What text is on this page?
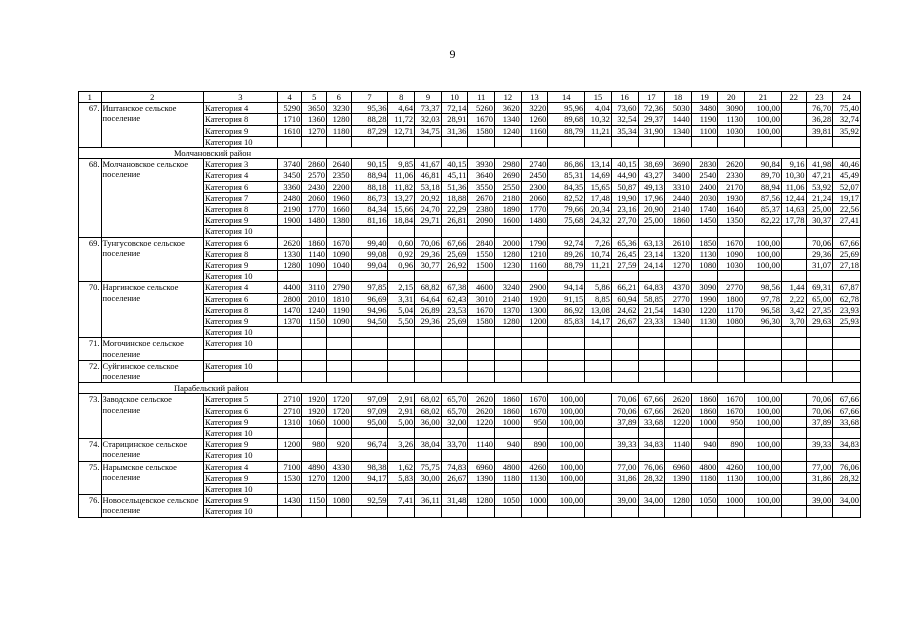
9
1	2	3	4	5	6	7	8	9	10	11	12	13	14	15	16	17	18	19	20	21	22	23	24
67.	Иштанское сельское поселение	Категория 4	5290	3650	3230	95,36	4,64	73,37	72,14	5260	3620	3220	95,96	4,04	73,60	72,36	5030	3480	3090	100,00		76,70	75,40
		Категория 8	1710	1360	1280	88,28	11,72	32,03	28,91	1670	1340	1260	89,68	10,32	32,54	29,37	1440	1190	1130	100,00		36,28	32,74
		Категория 9	1610	1270	1180	87,29	12,71	34,75	31,36	1580	1240	1160	88,79	11,21	35,34	31,90	1340	1100	1030	100,00		39,81	35,92
		Категория 10																					
Молчановский район																							
68.	Молчановское сельское поселение	Категория 3	3740	2860	2640	90,15	9,85	41,67	40,15	3930	2980	2740	86,86	13,14	40,15	38,69	3690	2830	2620	90,84	9,16	41,98	40,46
		Категория 4	3450	2570	2350	88,94	11,06	46,81	45,11	3640	2690	2450	85,31	14,69	44,90	43,27	3400	2540	2330	89,70	10,30	47,21	45,49
		Категория 6	3360	2430	2200	88,18	11,82	53,18	51,36	3550	2550	2300	84,35	15,65	50,87	49,13	3310	2400	2170	88,94	11,06	53,92	52,07
		Категория 7	2480	2060	1960	86,73	13,27	20,92	18,88	2670	2180	2060	82,52	17,48	19,90	17,96	2440	2030	1930	87,56	12,44	21,24	19,17
		Категория 8	2190	1770	1660	84,34	15,66	24,70	22,29	2380	1890	1770	79,66	20,34	23,16	20,90	2140	1740	1640	85,37	14,63	25,00	22,56
		Категория 9	1900	1480	1380	81,16	18,84	29,71	26,81	2090	1600	1480	75,68	24,32	27,70	25,00	1860	1450	1350	82,22	17,78	30,37	27,41
		Категория 10																					
69.	Тунгусовское сельское поселение	Категория 6	2620	1860	1670	99,40	0,60	70,06	67,66	2840	2000	1790	92,74	7,26	65,36	63,13	2610	1850	1670	100,00		70,06	67,66
		Категория 8	1330	1140	1090	99,08	0,92	29,36	25,69	1550	1280	1210	89,26	10,74	26,45	23,14	1320	1130	1090	100,00		29,36	25,69
		Категория 9	1280	1090	1040	99,04	0,96	30,77	26,92	1500	1230	1160	88,79	11,21	27,59	24,14	1270	1080	1030	100,00		31,07	27,18
		Категория 10																					
70.	Наргинское сельское поселение	Категория 4	4400	3110	2790	97,85	2,15	68,82	67,38	4600	3240	2900	94,14	5,86	66,21	64,83	4370	3090	2770	98,56	1,44	69,31	67,87
		Категория 6	2800	2010	1810	96,69	3,31	64,64	62,43	3010	2140	1920	91,15	8,85	60,94	58,85	2770	1990	1800	97,78	2,22	65,00	62,78
		Категория 8	1470	1240	1190	94,96	5,04	26,89	23,53	1670	1370	1300	86,92	13,08	24,62	21,54	1430	1220	1170	96,58	3,42	27,35	23,93
		Категория 9	1370	1150	1090	94,50	5,50	29,36	25,69	1580	1280	1200	85,83	14,17	26,67	23,33	1340	1130	1080	96,30	3,70	29,63	25,93
		Категория 10																					
71.	Могочинское сельское поселение	Категория 10																					

72.	Суйгинское сельское поселение	Категория 10																					

Парабельский район																							
73.	Заводское сельское поселение	Категория 5	2710	1920	1720	97,09	2,91	68,02	65,70	2620	1860	1670	100,00		70,06	67,66	2620	1860	1670	100,00		70,06	67,66
		Категория 6	2710	1920	1720	97,09	2,91	68,02	65,70	2620	1860	1670	100,00		70,06	67,66	2620	1860	1670	100,00		70,06	67,66
		Категория 9	1310	1060	1000	95,00	5,00	36,00	32,00	1220	1000	950	100,00		37,89	33,68	1220	1000	950	100,00		37,89	33,68
		Категория 10																					
74.	Старицинское сельское поселение	Категория 9	1200	980	920	96,74	3,26	38,04	33,70	1140	940	890	100,00		39,33	34,83	1140	940	890	100,00		39,33	34,83
		Категория 10																					
75.	Нарымское сельское поселение	Категория 4	7100	4890	4330	98,38	1,62	75,75	74,83	6960	4800	4260	100,00		77,00	76,06	6960	4800	4260	100,00		77,00	76,06
		Категория 9	1530	1270	1200	94,17	5,83	30,00	26,67	1390	1180	1130	100,00		31,86	28,32	1390	1180	1130	100,00		31,86	28,32
		Категория 10																					
76.	Новосельцевское сельское поселение	Категория 9	1430	1150	1080	92,59	7,41	36,11	31,48	1280	1050	1000	100,00		39,00	34,00	1280	1050	1000	100,00		39,00	34,00
		Категория 10																					
